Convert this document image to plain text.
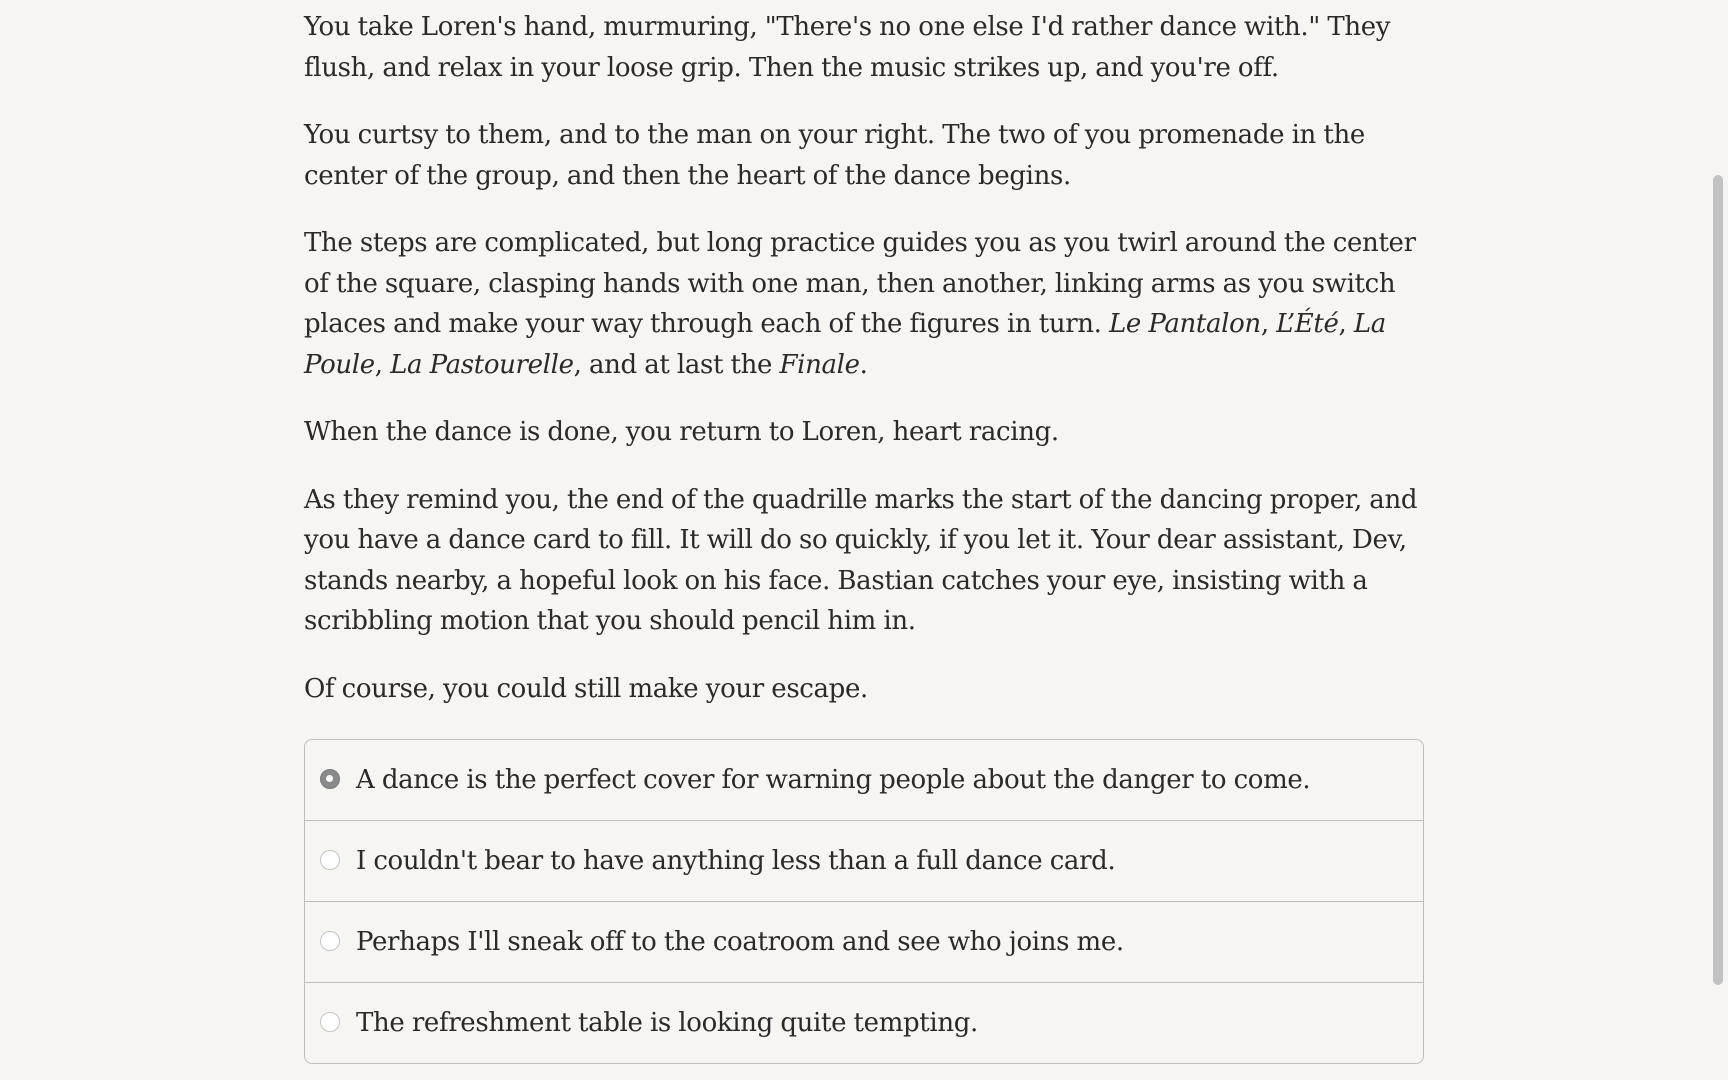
You take Loren's hand, murmuring, "There's no one else I'd rather dance with." They flush, and relax in your loose grip. Then the music strikes up, and you're off.

You curtsy to them, and to the man on your right. The two of you promenade in the center of the group, and then the heart of the dance begins.

The steps are complicated, but long practice guides you as you twirl around the center of the square, clasping hands with one man, then another, linking arms as you switch places and make your way through each of the figures in turn. Le Pantalon, L’Été, La Poule, La Pastourelle, and at last the Finale.

When the dance is done, you return to Loren, heart racing.

As they remind you, the end of the quadrille marks the start of the dancing proper, and you have a dance card to fill. It will do so quickly, if you let it. Your dear assistant, Dev, stands nearby, a hopeful look on his face. Bastian catches your eye, insisting with a scribbling motion that you should pencil him in.

Of course, you could still make your escape.

A dance is the perfect cover for warning people about the danger to come.
I couldn't bear to have anything less than a full dance card.
Perhaps I'll sneak off to the coatroom and see who joins me.
The refreshment table is looking quite tempting.
